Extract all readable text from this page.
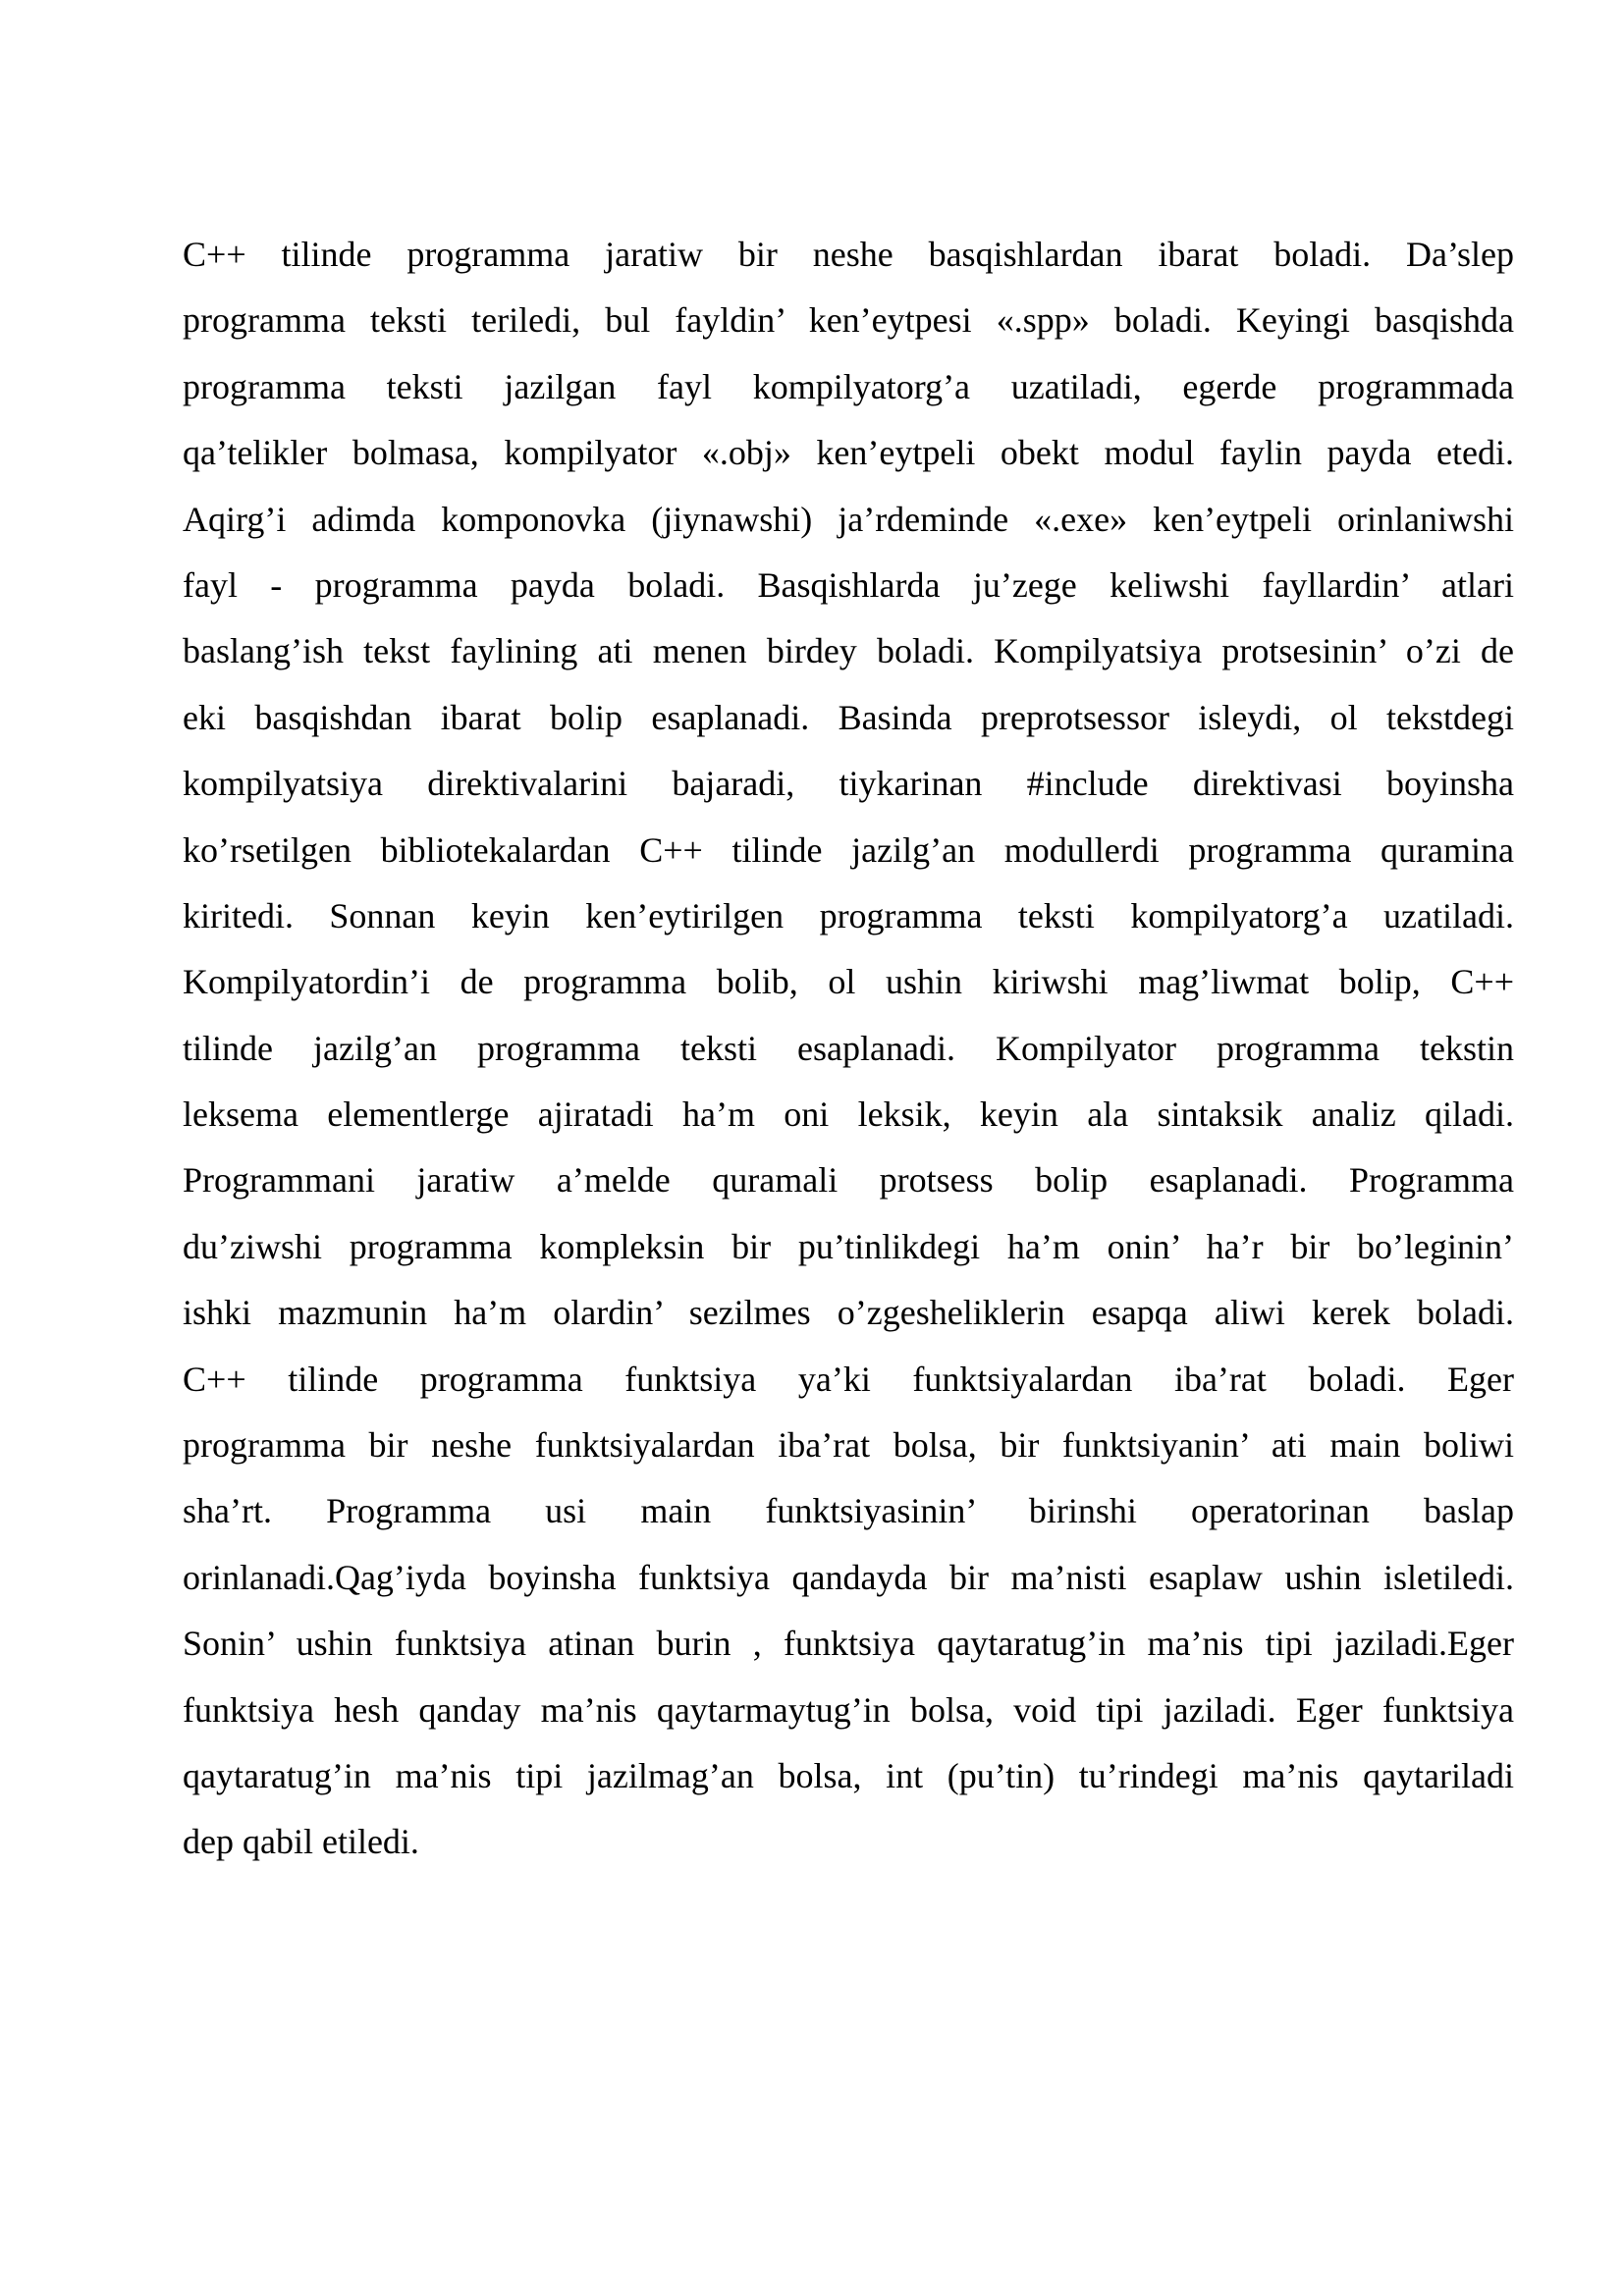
C++ tilinde programma jaratiw bir neshe basqishlardan ibarat boladi. Da’slep
programma teksti teriledi, bul fayldin’ ken’eytpesi «.spp» boladi. Keyingi basqishda
programma teksti jazilgan fayl kompilyatorg’a uzatiladi, egerde programmada
qa’telikler bolmasa, kompilyator «.obj» ken’eytpeli obekt modul faylin payda etedi.
Aqirg’i adimda komponovka (jiynawshi) ja’rdeminde «.exe» ken’eytpeli orinlaniwshi
fayl - programma payda boladi. Basqishlarda ju’zege keliwshi fayllardin’ atlari
baslang’ish tekst faylining ati menen birdey boladi. Kompilyatsiya protsesinin’ o’zi de
eki basqishdan ibarat bolip esaplanadi. Basinda preprotsessor isleydi, ol tekstdegi
kompilyatsiya direktivalarini bajaradi, tiykarinan #include direktivasi boyinsha
ko’rsetilgen bibliotekalardan C++ tilinde jazilg’an modullerdi programma quramina
kiritedi. Sonnan keyin ken’eytirilgen programma teksti kompilyatorg’a uzatiladi.
Kompilyatordin’i de programma bolib, ol ushin kiriwshi mag’liwmat bolip, C++
tilinde jazilg’an programma teksti esaplanadi. Kompilyator programma tekstin
leksema elementlerge ajiratadi ha’m oni leksik, keyin ala sintaksik analiz qiladi.
Programmani jaratiw a’melde quramali protsess bolip esaplanadi. Programma
du’ziwshi programma kompleksin bir pu’tinlikdegi ha’m onin’ ha’r bir bo’leginin’
ishki mazmunin ha’m olardin’ sezilmes o’zgesheliklerin esapqa aliwi kerek boladi.
C++ tilinde programma funktsiya ya’ki funktsiyalardan iba’rat boladi. Eger
programma bir neshe funktsiyalardan iba’rat bolsa, bir funktsiyanin’ ati main boliwi
sha’rt. Programma usi main funktsiyasinin’ birinshi operatorinan baslap
orinlanadi.Qag’iyda boyinsha funktsiya qandayda bir ma’nisti esaplaw ushin isletiledi.
Sonin’ ushin funktsiya atinan burin , funktsiya qaytaratug’in ma’nis tipi jaziladi.Eger
funktsiya hesh qanday ma’nis qaytarmaytug’in bolsa, void tipi jaziladi. Eger funktsiya
qaytaratug’in ma’nis tipi jazilmag’an bolsa, int (pu’tin) tu’rindegi ma’nis qaytariladi
dep qabil etiledi.
